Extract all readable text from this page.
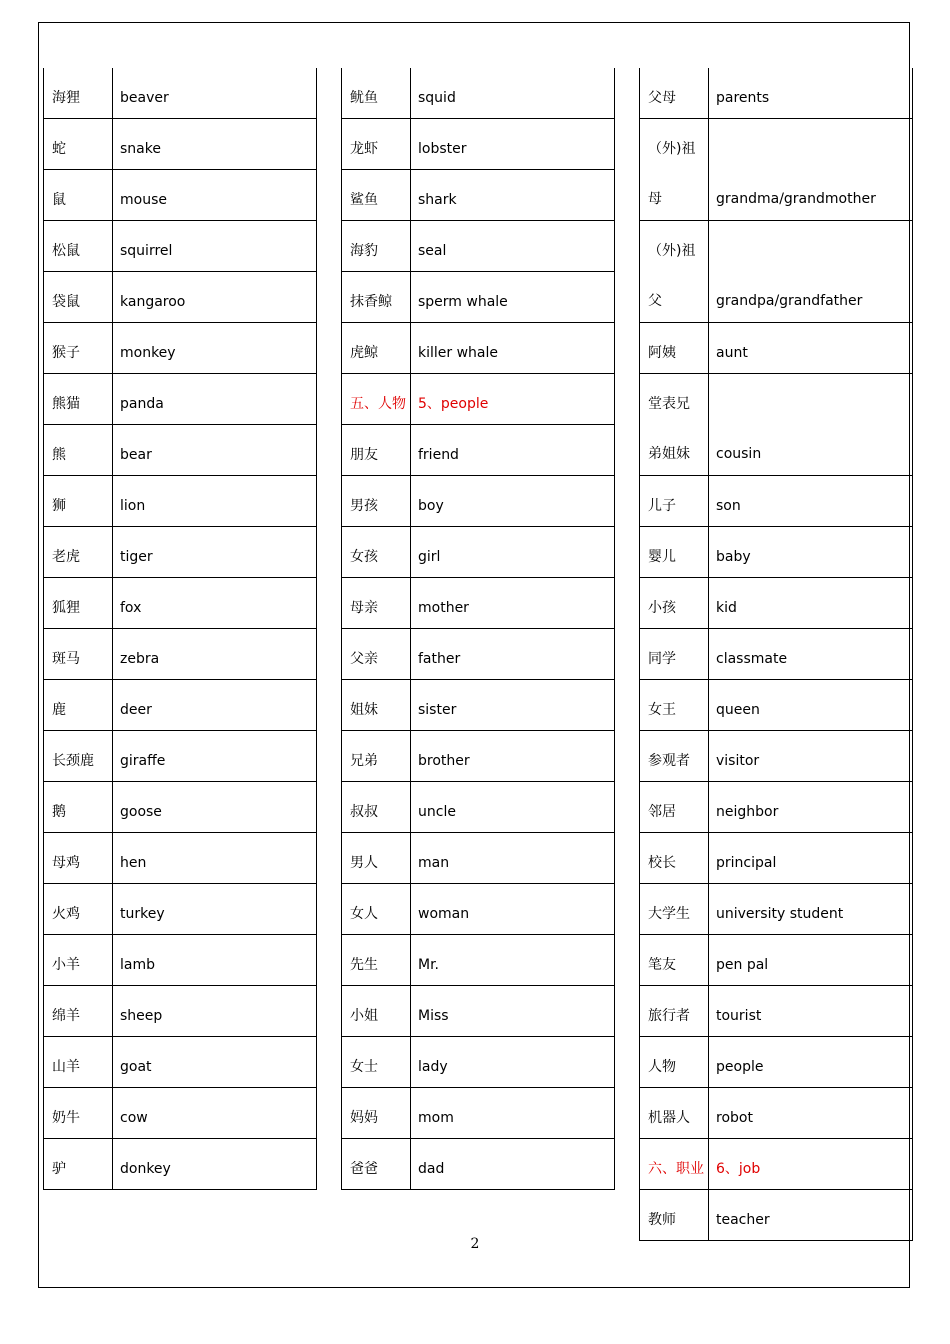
海狸	beaver
蛇	snake
鼠	mouse
松鼠	squirrel
袋鼠	kangaroo
猴子	monkey
熊猫	panda
熊	bear
狮	lion
老虎	tiger
狐狸	fox
斑马	zebra
鹿	deer
长颈鹿 giraffe
鹅	goose
母鸡	hen
火鸡	turkey
小羊	lamb
绵羊	sheep
山羊	goat
奶牛	cow
驴	donkey
鱿鱼	squid
龙虾	lobster
鲨鱼	shark
海豹	seal
抹香鲸 sperm whale
虎鲸	killer whale
五、人物 5、people
朋友	friend
男孩	boy
女孩	girl
母亲	mother
父亲	father
姐妹	sister
兄弟	brother
叔叔	uncle
男人	man
女人	woman
先生	Mr.
小姐	Miss
女士	lady
妈妈	mom
爸爸	dad
父母	parents
（外)祖
母	grandma/grandmother
（外)祖
父	grandpa/grandfather
阿姨	aunt
堂表兄
弟姐妹 cousin
儿子	son
婴儿	baby
小孩	kid
同学	classmate
女王	queen
参观者 visitor
邻居	neighbor
校长	principal
大学生 university student
笔友	pen pal
旅行者 tourist
人物	people
机器人 robot
六、职业 6、job
教师	teacher
2
